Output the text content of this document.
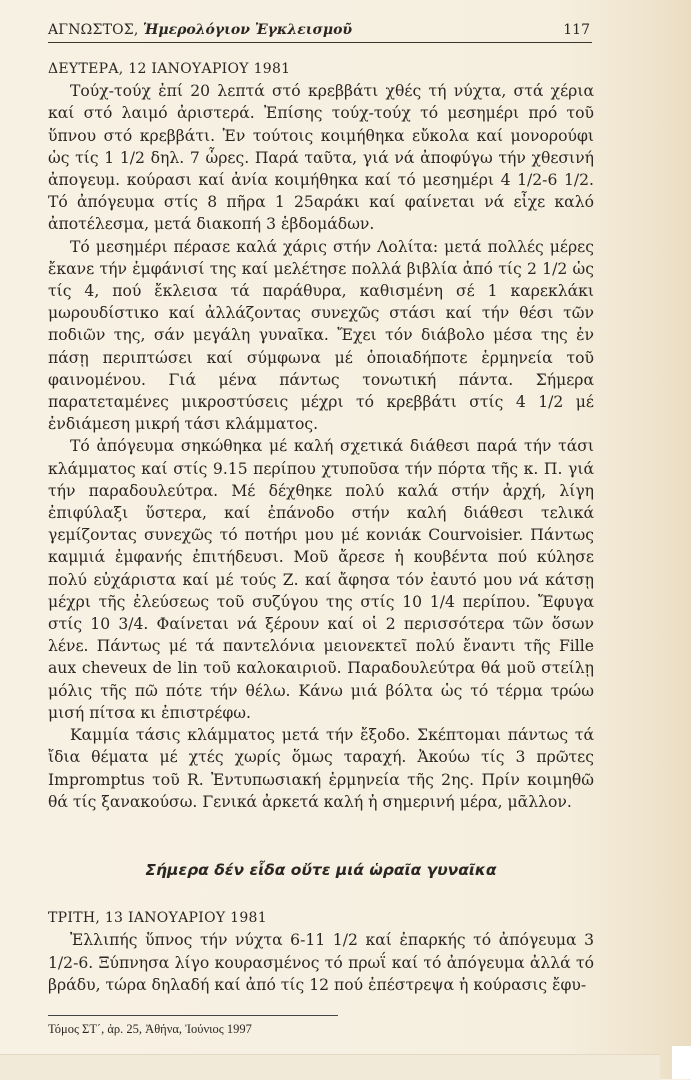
ΑΓΝΩΣΤΟΣ, Ἡμερολόγιον Ἐγκλεισμοῦ	117

ΔΕΥΤΕΡΑ, 12 ΙΑΝΟΥΑΡΙΟΥ 1981

Τούχ-τούχ ἐπί 20 λεπτά στό κρεββάτι χθές τή νύχτα, στά χέρια καί στό λαιμό ἀριστερά. Ἐπίσης τούχ-τούχ τό μεσημέρι πρό τοῦ ὕπνου στό κρεββάτι. Ἐν τούτοις κοιμήθηκα εὔκολα καί μονορούφι ὡς τίς 1 1/2 δηλ. 7 ὧρες. Παρά ταῦτα, γιά νά ἀποφύγω τήν χθεσινή ἀπογευμ. κούρασι καί ἀνία κοιμήθηκα καί τό μεσημέρι 4 1/2-6 1/2. Τό ἀπόγευμα στίς 8 πῆρα 1 25αράκι καί φαίνεται νά εἶχε καλό ἀποτέλεσμα, μετά διακοπή 3 ἑβδομάδων.

Τό μεσημέρι πέρασε καλά χάρις στήν Λολίτα: μετά πολλές μέρες ἔκανε τήν ἐμφάνισί της καί μελέτησε πολλά βιβλία ἀπό τίς 2 1/2 ὡς τίς 4, πού ἔκλεισα τά παράθυρα, καθισμένη σέ 1 καρεκλάκι μωρουδίστικο καί ἀλλάζοντας συνεχῶς στάσι καί τήν θέσι τῶν ποδιῶν της, σάν μεγάλη γυναῖκα. Ἔχει τόν διάβολο μέσα της ἐν πάσῃ περιπτώσει καί σύμφωνα μέ ὁποιαδήποτε ἑρμηνεία τοῦ φαινομένου. Γιά μένα πάντως τονωτική πάντα. Σήμερα παρατεταμένες μικροστύσεις μέχρι τό κρεββάτι στίς 4 1/2 μέ ἐνδιάμεση μικρή τάσι κλάμματος.

Τό ἀπόγευμα σηκώθηκα μέ καλή σχετικά διάθεσι παρά τήν τάσι κλάμματος καί στίς 9.15 περίπου χτυποῦσα τήν πόρτα τῆς κ. Π. γιά τήν παραδουλεύτρα. Μέ δέχθηκε πολύ καλά στήν ἀρχή, λίγη ἐπιφύλαξι ὕστερα, καί ἐπάνοδο στήν καλή διάθεσι τελικά γεμίζοντας συνεχῶς τό ποτήρι μου μέ κονιάκ Courvoisier. Πάντως καμμιά ἐμφανής ἐπιτήδευσι. Μοῦ ἄρεσε ἡ κουβέντα πού κύλησε πολύ εὐχάριστα καί μέ τούς Ζ. καί ἄφησα τόν ἑαυτό μου νά κάτσῃ μέχρι τῆς ἐλεύσεως τοῦ συζύγου της στίς 10 1/4 περίπου. Ἔφυγα στίς 10 3/4. Φαίνεται νά ξέρουν καί οἱ 2 περισσότερα τῶν ὅσων λένε. Πάντως μέ τά παντελόνια μειονεκτεῖ πολύ ἔναντι τῆς Fille aux cheveux de lin τοῦ καλοκαιριοῦ. Παραδουλεύτρα θά μοῦ στείλῃ μόλις τῆς πῶ πότε τήν θέλω. Κάνω μιά βόλτα ὡς τό τέρμα τρώω μισή πίτσα κι ἐπιστρέφω.

Καμμία τάσις κλάμματος μετά τήν ἔξοδο. Σκέπτομαι πάντως τά ἴδια θέματα μέ χτές χωρίς ὅμως ταραχή. Ἀκούω τίς 3 πρῶτες Impromptus τοῦ R. Ἐντυπωσιακή ἑρμηνεία τῆς 2ης. Πρίν κοιμηθῶ θά τίς ξανακούσω. Γενικά ἀρκετά καλή ἡ σημερινή μέρα, μᾶλλον.

Σήμερα δέν εἶδα οὔτε μιά ὡραῖα γυναῖκα

ΤΡΙΤΗ, 13 ΙΑΝΟΥΑΡΙΟΥ 1981

Ἐλλιπής ὕπνος τήν νύχτα 6-11 1/2 καί ἐπαρκής τό ἀπόγευμα 3 1/2-6. Ξύπνησα λίγο κουρασμένος τό πρωΐ καί τό ἀπόγευμα ἀλλά τό βράδυ, τώρα δηλαδή καί ἀπό τίς 12 πού ἐπέστρεψα ἡ κούρασις ἔφυ-

Τόμος ΣΤ΄, ἀρ. 25, Ἀθήνα, Ἰούνιος 1997
